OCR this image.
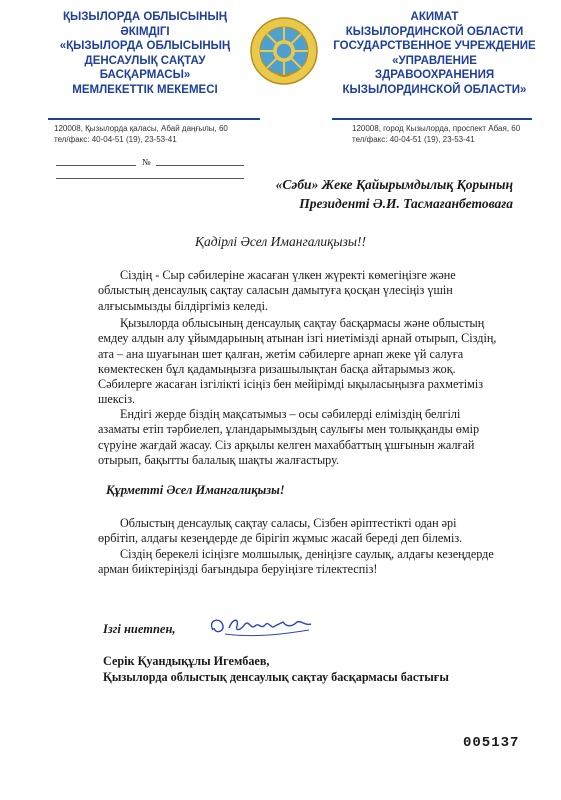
ҚЫЗЫЛОРДА ОБЛЫСЫНЫҢ
ӘКІМДІГІ
«ҚЫЗЫЛОРДА ОБЛЫСЫНЫҢ
ДЕНСАУЛЫҚ САҚТАУ
БАСҚАРМАСЫ»
МЕМЛЕКЕТТІК МЕКЕМЕСІ
АКИМАТ
КЫЗЫЛОРДИНСКОЙ ОБЛАСТИ
ГОСУДАРСТВЕННОЕ УЧРЕЖДЕНИЕ
«УПРАВЛЕНИЕ
ЗДРАВООХРАНЕНИЯ
КЫЗЫЛОРДИНСКОЙ ОБЛАСТИ»
120008, Қызылорда қаласы, Абай даңғылы, 60
тел/факс: 40-04-51 (19), 23-53-41
120008, город Кызылорда, проспект Абая, 60
тел/факс: 40-04-51 (19), 23-53-41
№
«Сәби» Жеке Қайырымдылық Қорының
Президенті Ә.И. Тасмағанбетоваға
Қадірлі Әсел Имангалиқызы!!
Сіздің - Сыр сәбилеріне жасаған үлкен жүректі көмегіңізге және
облыстың денсаулық сақтау саласын дамытуға қосқан үлесіңіз үшін
алғысымызды білдіргіміз келеді.
Қызылорда облысының денсаулық сақтау басқармасы және облыстың
емдеу алдын алу ұйымдарының атынан ізгі ниетімізді арнай отырып, Сіздің,
ата – ана шуағынан шет қалған, жетім сәбилерге арнап жеке үй салуға
көмектескен бұл қадамыңызға ризашылықтан басқа айтарымыз жоқ.
Сәбилерге жасаған ізгілікті ісіңіз бен мейірімді ықыласыңызға рахметіміз
шексіз.
Ендігі жерде біздің мақсатымыз – осы сәбилерді еліміздің белгілі
азаматы етіп тәрбиелеп, ұландарымыздың саулығы мен толыққанды өмір
сүруіне жағдай жасау. Сіз арқылы келген махаббаттың ұшғынын жалғай
отырып, бақытты балалық шақты жалғастыру.
Құрметті Әсел Имангалиқызы!
Облыстың денсаулық сақтау саласы, Сізбен әріптестікті одан әрі
өрбітіп, алдағы кезеңдерде де бірігіп жұмыс жасай береді деп білеміз.
Сіздің берекелі ісіңізге молшылық, деніңізге саулық, алдағы кезеңдерде
арман биіктеріңізді бағындыра беруіңізге тілектеспіз!
Ізгі ниетпен,
Серік Қуандықұлы Игембаев,
Қызылорда облыстық денсаулық сақтау басқармасы бастығы
005137
